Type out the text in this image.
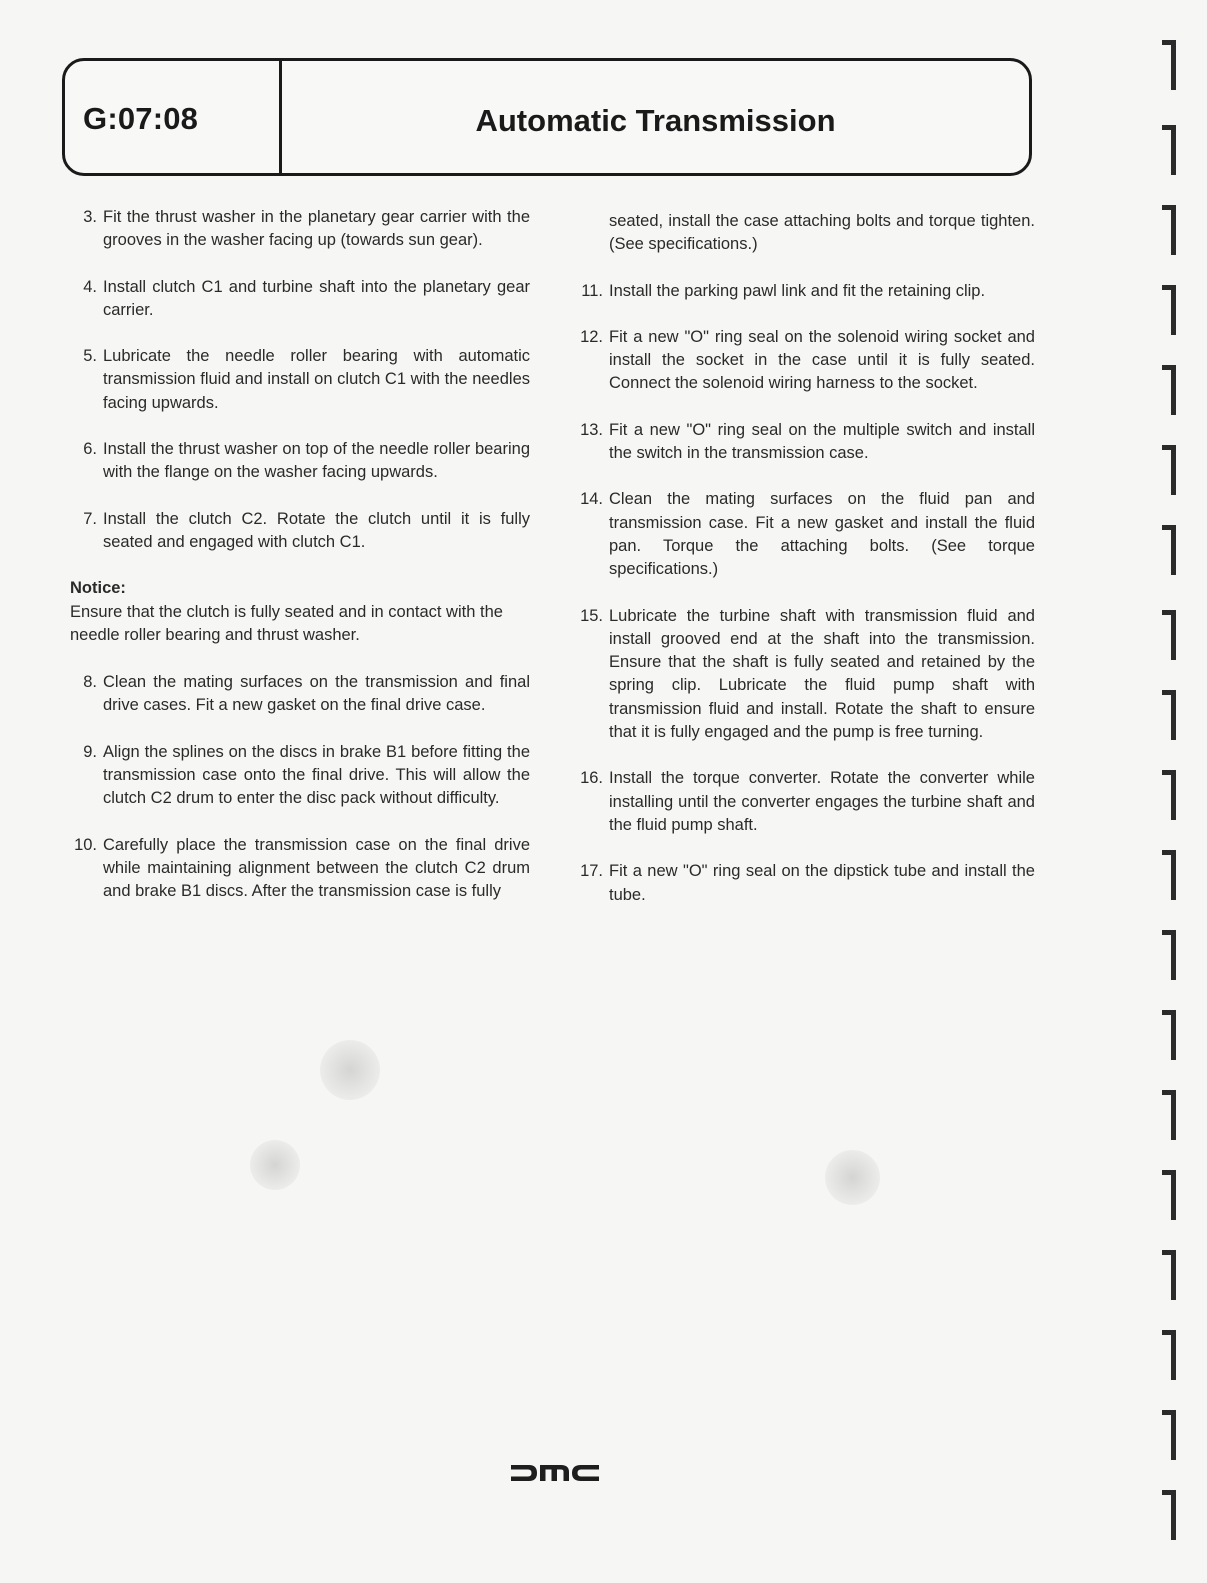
G:07:08	Automatic Transmission
3. Fit the thrust washer in the planetary gear carrier with the grooves in the washer facing up (towards sun gear).
4. Install clutch C1 and turbine shaft into the planetary gear carrier.
5. Lubricate the needle roller bearing with automatic transmission fluid and install on clutch C1 with the needles facing upwards.
6. Install the thrust washer on top of the needle roller bearing with the flange on the washer facing upwards.
7. Install the clutch C2. Rotate the clutch until it is fully seated and engaged with clutch C1.
Notice:
Ensure that the clutch is fully seated and in contact with the needle roller bearing and thrust washer.
8. Clean the mating surfaces on the transmission and final drive cases. Fit a new gasket on the final drive case.
9. Align the splines on the discs in brake B1 before fitting the transmission case onto the final drive. This will allow the clutch C2 drum to enter the disc pack without difficulty.
10. Carefully place the transmission case on the final drive while maintaining alignment between the clutch C2 drum and brake B1 discs. After the transmission case is fully
seated, install the case attaching bolts and torque tighten. (See specifications.)
11. Install the parking pawl link and fit the retaining clip.
12. Fit a new "O" ring seal on the solenoid wiring socket and install the socket in the case until it is fully seated. Connect the solenoid wiring harness to the socket.
13. Fit a new "O" ring seal on the multiple switch and install the switch in the transmission case.
14. Clean the mating surfaces on the fluid pan and transmission case. Fit a new gasket and install the fluid pan. Torque the attaching bolts. (See torque specifications.)
15. Lubricate the turbine shaft with transmission fluid and install grooved end at the shaft into the transmission. Ensure that the shaft is fully seated and retained by the spring clip. Lubricate the fluid pump shaft with transmission fluid and install. Rotate the shaft to ensure that it is fully engaged and the pump is free turning.
16. Install the torque converter. Rotate the converter while installing until the converter engages the turbine shaft and the fluid pump shaft.
17. Fit a new "O" ring seal on the dipstick tube and install the tube.
